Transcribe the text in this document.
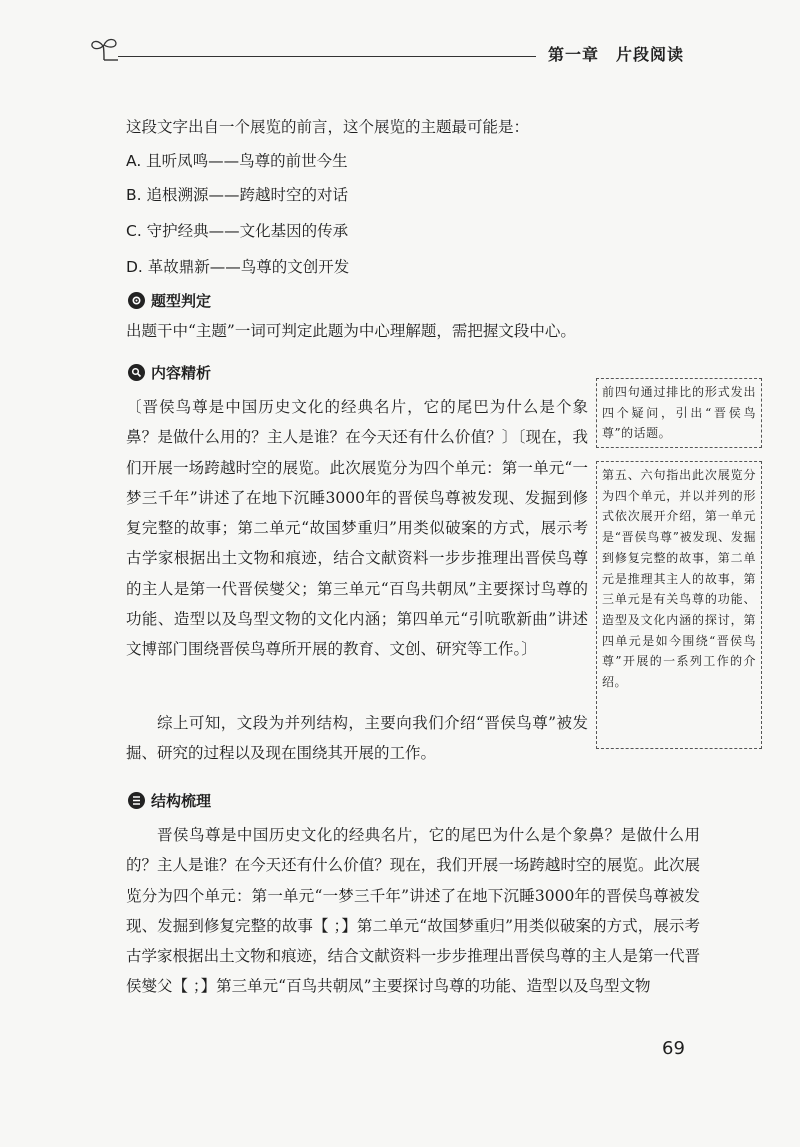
第一章　片段阅读
这段文字出自一个展览的前言，这个展览的主题最可能是：
A. 且听凤鸣——鸟尊的前世今生
B. 追根溯源——跨越时空的对话
C. 守护经典——文化基因的传承
D. 革故鼎新——鸟尊的文创开发
题型判定
出题干中“主题”一词可判定此题为中心理解题，需把握文段中心。
内容精析
〔晋侯鸟尊是中国历史文化的经典名片，它的尾巴为什么是个象鼻？是做什么用的？主人是谁？在今天还有什么价值？〕〔现在，我们开展一场跨越时空的展览。此次展览分为四个单元：第一单元“一梦三千年”讲述了在地下沉睡3000年的晋侯鸟尊被发现、发掘到修复完整的故事；第二单元“故国梦重归”用类似破案的方式，展示考古学家根据出土文物和痕迹，结合文献资料一步步推理出晋侯鸟尊的主人是第一代晋侯燮父；第三单元“百鸟共朝凤”主要探讨鸟尊的功能、造型以及鸟型文物的文化内涵；第四单元“引吭歌新曲”讲述文博部门围绕晋侯鸟尊所开展的教育、文创、研究等工作。〕
综上可知，文段为并列结构，主要向我们介绍“晋侯鸟尊”被发掘、研究的过程以及现在围绕其开展的工作。
前四句通过排比的形式发出四个疑问，引出“晋侯鸟尊”的话题。
第五、六句指出此次展览分为四个单元，并以并列的形式依次展开介绍，第一单元是“晋侯鸟尊”被发现、发掘到修复完整的故事，第二单元是推理其主人的故事，第三单元是有关鸟尊的功能、造型及文化内涵的探讨，第四单元是如今围绕“晋侯鸟尊”开展的一系列工作的介绍。
结构梳理
晋侯鸟尊是中国历史文化的经典名片，它的尾巴为什么是个象鼻？是做什么用的？主人是谁？在今天还有什么价值？现在，我们开展一场跨越时空的展览。此次展览分为四个单元：第一单元“一梦三千年”讲述了在地下沉睡3000年的晋侯鸟尊被发现、发掘到修复完整的故事【 ；】第二单元“故国梦重归”用类似破案的方式，展示考古学家根据出土文物和痕迹，结合文献资料一步步推理出晋侯鸟尊的主人是第一代晋侯燮父【 ；】第三单元“百鸟共朝凤”主要探讨鸟尊的功能、造型以及鸟型文物
69
